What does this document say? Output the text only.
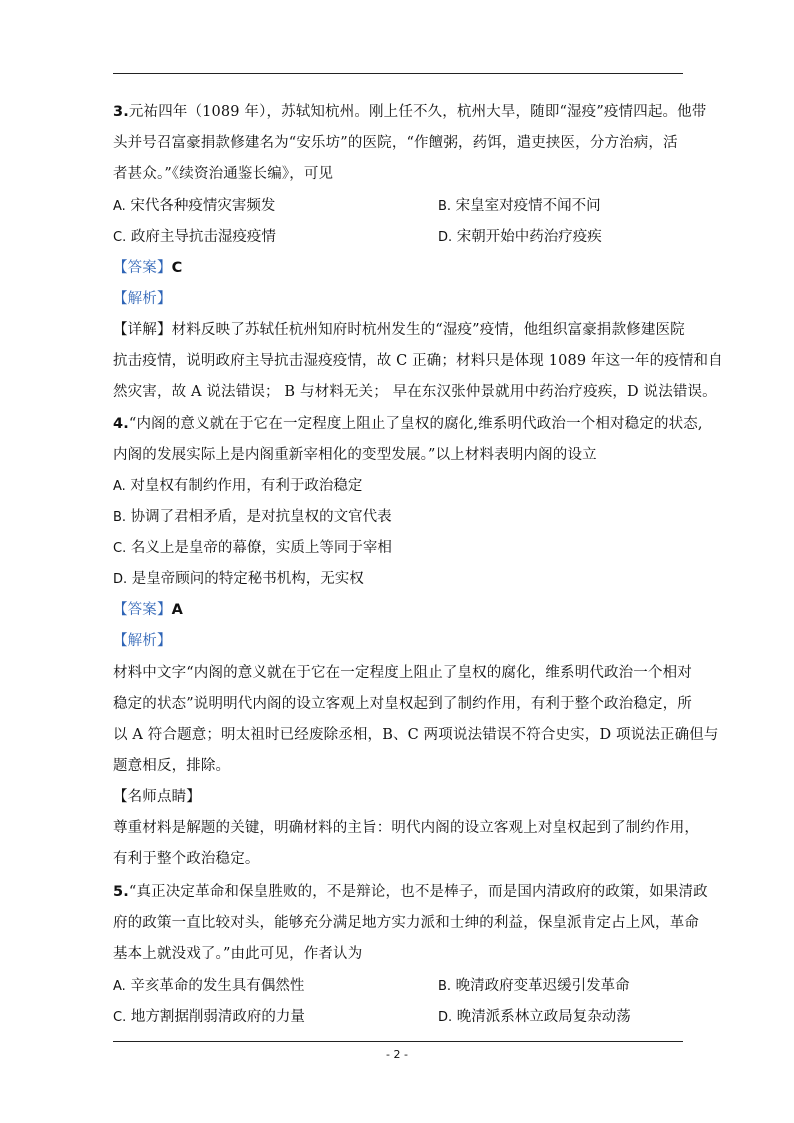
3.元祐四年（1089 年），苏轼知杭州。刚上任不久，杭州大旱，随即“湿疫”疫情四起。他带
头并号召富豪捐款修建名为“安乐坊”的医院，“作饘粥，药饵，遣吏挟医，分方治病，活
者甚众。”《续资治通鉴长编》，可见
A. 宋代各种疫情灾害频发	B. 宋皇室对疫情不闻不问
C. 政府主导抗击湿疫疫情	D. 宋朝开始中药治疗疫疾
【答案】C
【解析】
【详解】材料反映了苏轼任杭州知府时杭州发生的“湿疫”疫情，他组织富豪捐款修建医院
抗击疫情，说明政府主导抗击湿疫疫情，故 C 正确；材料只是体现 1089 年这一年的疫情和自
然灾害，故 A 说法错误； B 与材料无关； 早在东汉张仲景就用中药治疗疫疾，D 说法错误。
4.“内阁的意义就在于它在一定程度上阻止了皇权的腐化,维系明代政治一个相对稳定的状态,
内阁的发展实际上是内阁重新宰相化的变型发展。”以上材料表明内阁的设立
A. 对皇权有制约作用，有利于政治稳定
B. 协调了君相矛盾，是对抗皇权的文官代表
C. 名义上是皇帝的幕僚，实质上等同于宰相
D. 是皇帝顾问的特定秘书机构，无实权
【答案】A
【解析】
材料中文字“内阁的意义就在于它在一定程度上阻止了皇权的腐化，维系明代政治一个相对
稳定的状态”说明明代内阁的设立客观上对皇权起到了制约作用，有利于整个政治稳定，所
以 A 符合题意；明太祖时已经废除丞相，B、C 两项说法错误不符合史实，D 项说法正确但与
题意相反，排除。
【名师点睛】
尊重材料是解题的关键，明确材料的主旨：明代内阁的设立客观上对皇权起到了制约作用，
有利于整个政治稳定。
5.“真正决定革命和保皇胜败的，不是辩论，也不是棒子，而是国内清政府的政策，如果清政
府的政策一直比较对头，能够充分满足地方实力派和士绅的利益，保皇派肯定占上风，革命
基本上就没戏了。”由此可见，作者认为
A. 辛亥革命的发生具有偶然性	B. 晚清政府变革迟缓引发革命
C. 地方割据削弱清政府的力量	D. 晚清派系林立政局复杂动荡
- 2 -
